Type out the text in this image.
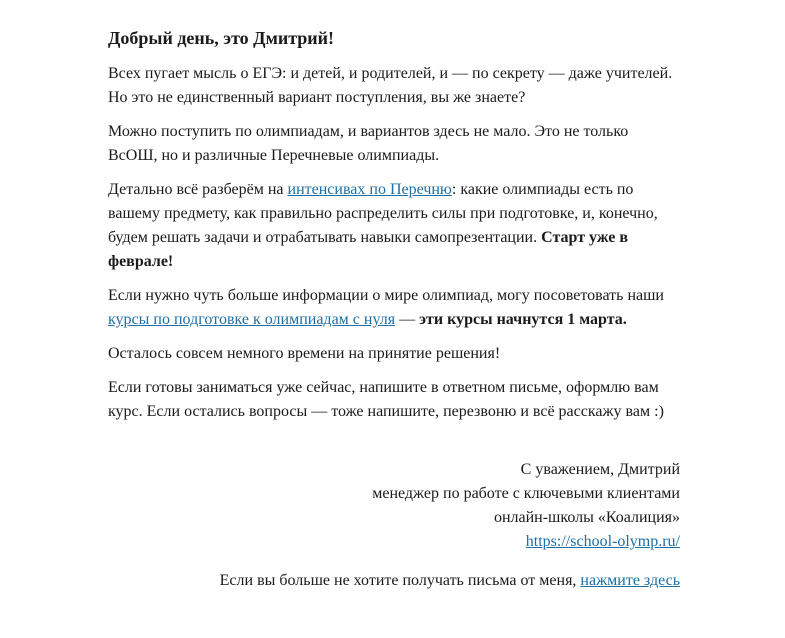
Добрый день, это Дмитрий!

Всех пугает мысль о ЕГЭ: и детей, и родителей, и — по секрету — даже учителей. Но это не единственный вариант поступления, вы же знаете?

Можно поступить по олимпиадам, и вариантов здесь не мало. Это не только ВсОШ, но и различные Перечневые олимпиады.

Детально всё разберём на интенсивах по Перечню: какие олимпиады есть по вашему предмету, как правильно распределить силы при подготовке, и, конечно, будем решать задачи и отрабатывать навыки самопрезентации. Старт уже в феврале!

Если нужно чуть больше информации о мире олимпиад, могу посоветовать наши курсы по подготовке к олимпиадам с нуля — эти курсы начнутся 1 марта.

Осталось совсем немного времени на принятие решения!

Если готовы заниматься уже сейчас, напишите в ответном письме, оформлю вам курс. Если остались вопросы — тоже напишите, перезвоню и всё расскажу вам :)

С уважением, Дмитрий
менеджер по работе с ключевыми клиентами
онлайн-школы «Коалиция»
https://school-olymp.ru/
Если вы больше не хотите получать письма от меня, нажмите здесь
